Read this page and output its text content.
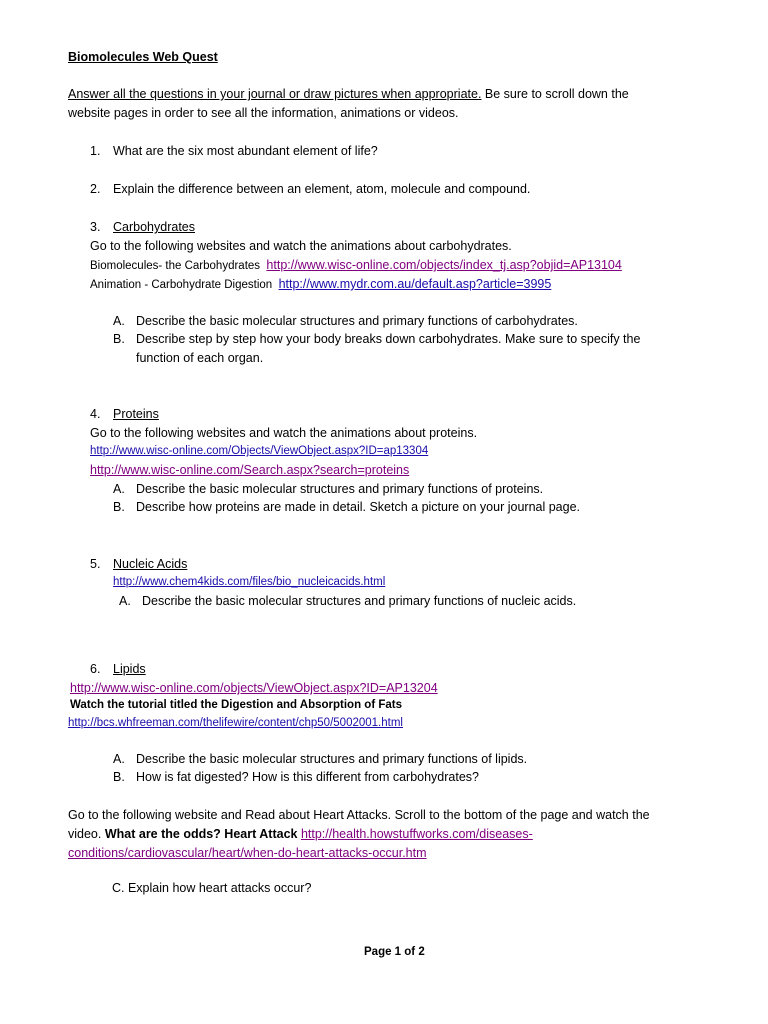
Biomolecules Web Quest
Answer all the questions in your journal or draw pictures when appropriate. Be sure to scroll down the
website pages in order to see all the information, animations or videos.
1. What are the six most abundant element of life?
2. Explain the difference between an element, atom, molecule and compound.
3. Carbohydrates
Go to the following websites and watch the animations about carbohydrates.
Biomolecules- the Carbohydrates http://www.wisc-online.com/objects/index_tj.asp?objid=AP13104
Animation - Carbohydrate Digestion http://www.mydr.com.au/default.asp?article=3995
A. Describe the basic molecular structures and primary functions of carbohydrates.
B. Describe step by step how your body breaks down carbohydrates. Make sure to specify the
function of each organ.
4. Proteins
Go to the following websites and watch the animations about proteins.
http://www.wisc-online.com/Objects/ViewObject.aspx?ID=ap13304
http://www.wisc-online.com/Search.aspx?search=proteins
A. Describe the basic molecular structures and primary functions of proteins.
B. Describe how proteins are made in detail. Sketch a picture on your journal page.
5. Nucleic Acids
http://www.chem4kids.com/files/bio_nucleicacids.html
A. Describe the basic molecular structures and primary functions of nucleic acids.
6. Lipids
http://www.wisc-online.com/objects/ViewObject.aspx?ID=AP13204
Watch the tutorial titled the Digestion and Absorption of Fats
http://bcs.whfreeman.com/thelifewire/content/chp50/5002001.html
A. Describe the basic molecular structures and primary functions of lipids.
B. How is fat digested? How is this different from carbohydrates?
Go to the following website and Read about Heart Attacks. Scroll to the bottom of the page and watch the
video. What are the odds? Heart Attack http://health.howstuffworks.com/diseases-
conditions/cardiovascular/heart/when-do-heart-attacks-occur.htm
C. Explain how heart attacks occur?
Page 1 of 2
